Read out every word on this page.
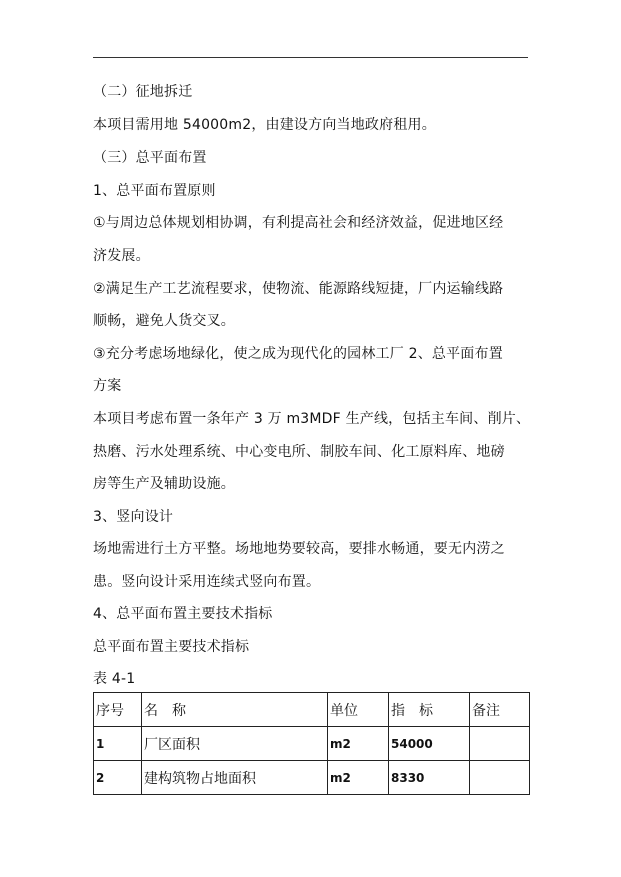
（二）征地拆迁
本项目需用地 54000m2，由建设方向当地政府租用。
（三）总平面布置
1、总平面布置原则
①与周边总体规划相协调，有利提高社会和经济效益，促进地区经
济发展。
②满足生产工艺流程要求，使物流、能源路线短捷，厂内运输线路
顺畅，避免人货交叉。
③充分考虑场地绿化，使之成为现代化的园林工厂 2、总平面布置
方案
本项目考虑布置一条年产 3 万 m3MDF 生产线，包括主车间、削片、
热磨、污水处理系统、中心变电所、制胶车间、化工原料库、地磅
房等生产及辅助设施。
3、竖向设计
场地需进行土方平整。场地地势要较高，要排水畅通，要无内涝之
患。竖向设计采用连续式竖向布置。
4、总平面布置主要技术指标
总平面布置主要技术指标
表 4-1
序号	名　称	单位	指　标	备注
1	厂区面积	m2	54000	
2	建构筑物占地面积	m2	8330	
